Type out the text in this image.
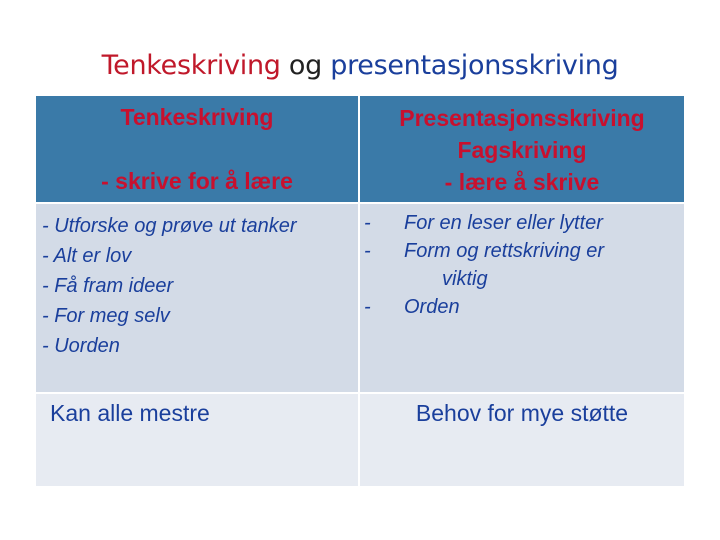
Tenkeskriving og presentasjonsskriving
Tenkeskriving
- skrive for å lære
Presentasjonsskriving
Fagskriving
- lære å skrive
- Utforske og prøve ut tanker
- Alt er lov
- Få fram ideer
- For meg selv
- Uorden
- For en leser eller lytter
- Form og rettskriving er
viktig
- Orden
Kan alle mestre	Behov for mye støtte
